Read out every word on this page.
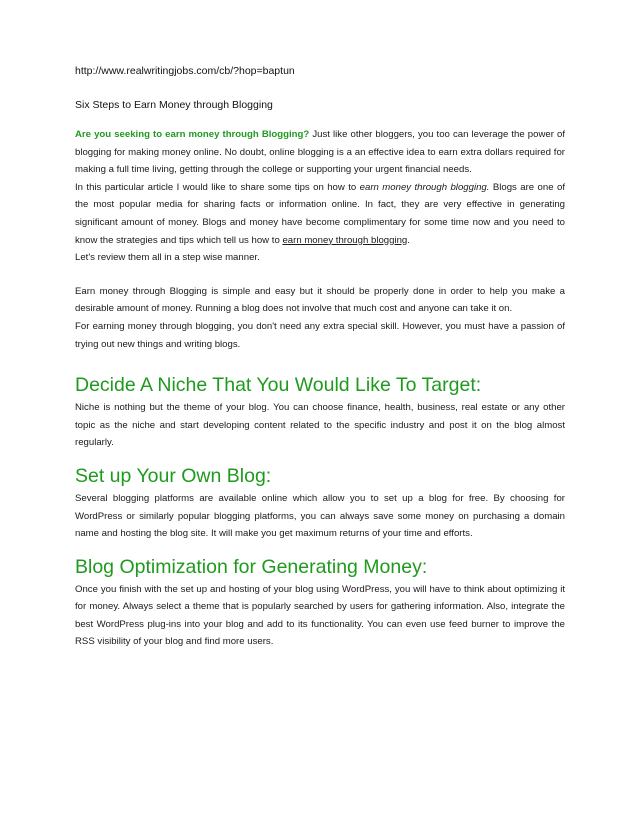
http://www.realwritingjobs.com/cb/?hop=baptun
Six Steps to Earn Money through Blogging

Are you seeking to earn money through Blogging? Just like other bloggers, you too can leverage the power of blogging for making money online. No doubt, online blogging is a an effective idea to earn extra dollars required for making a full time living, getting through the college or supporting your urgent financial needs.

In this particular article I would like to share some tips on how to earn money through blogging. Blogs are one of the most popular media for sharing facts or information online. In fact, they are very effective in generating significant amount of money. Blogs and money have become complimentary for some time now and you need to know the strategies and tips which tell us how to earn money through blogging.

Let's review them all in a step wise manner.

Earn money through Blogging is simple and easy but it should be properly done in order to help you make a desirable amount of money. Running a blog does not involve that much cost and anyone can take it on.

For earning money through blogging, you don't need any extra special skill. However, you must have a passion of trying out new things and writing blogs.

Decide A Niche That You Would Like To Target:

Niche is nothing but the theme of your blog. You can choose finance, health, business, real estate or any other topic as the niche and start developing content related to the specific industry and post it on the blog almost regularly.

Set up Your Own Blog:

Several blogging platforms are available online which allow you to set up a blog for free. By choosing for WordPress or similarly popular blogging platforms, you can always save some money on purchasing a domain name and hosting the blog site. It will make you get maximum returns of your time and efforts.

Blog Optimization for Generating Money:

Once you finish with the set up and hosting of your blog using WordPress, you will have to think about optimizing it for money. Always select a theme that is popularly searched by users for gathering information. Also, integrate the best WordPress plug-ins into your blog and add to its functionality. You can even use feed burner to improve the RSS visibility of your blog and find more users.
